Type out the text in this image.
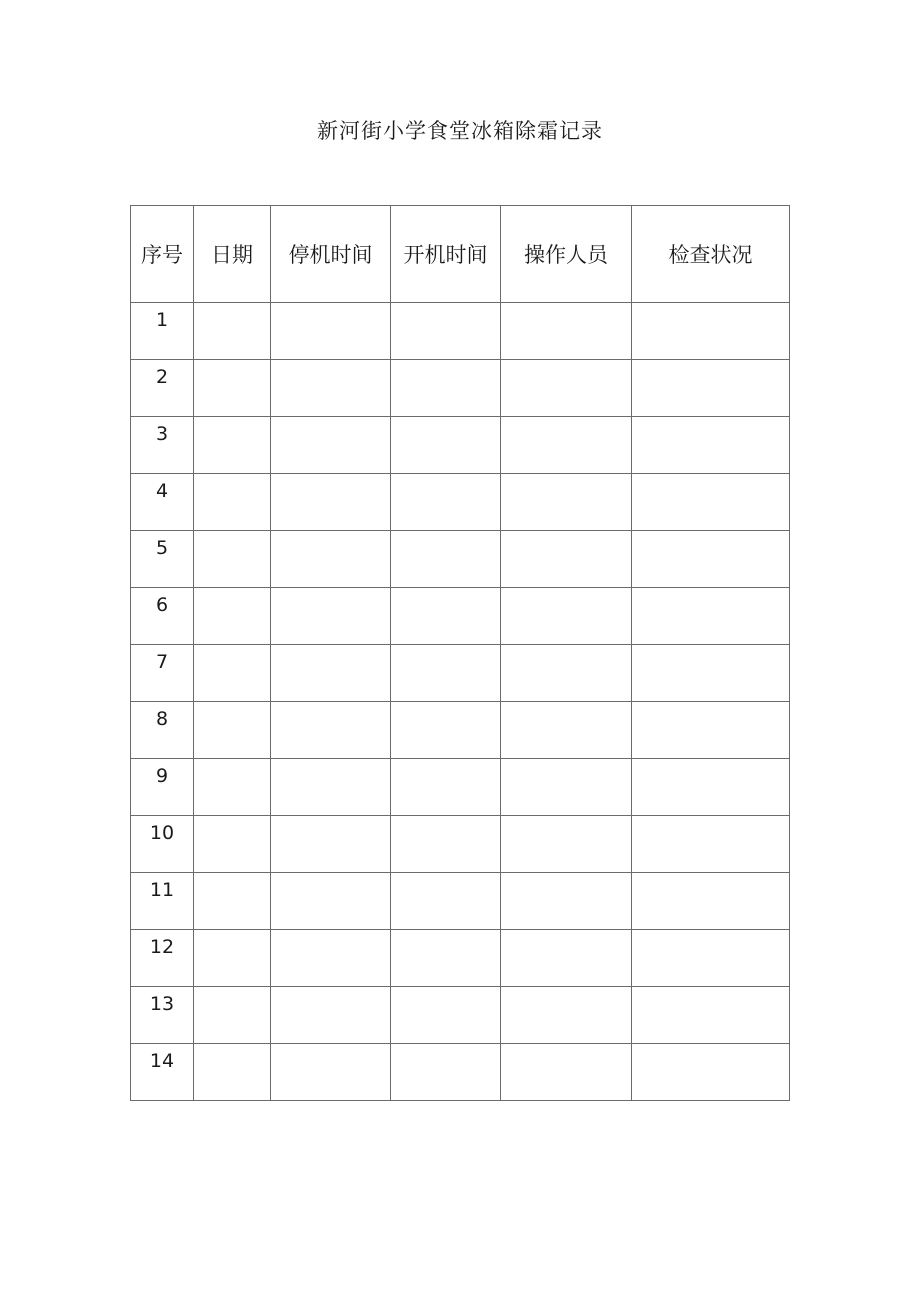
新河街小学食堂冰箱除霜记录
序号	日期	停机时间	开机时间	操作人员	检查状况

1					

2					

3					

4					

5					

6					

7					

8					

9					

10					

11					

12					

13					

14					
